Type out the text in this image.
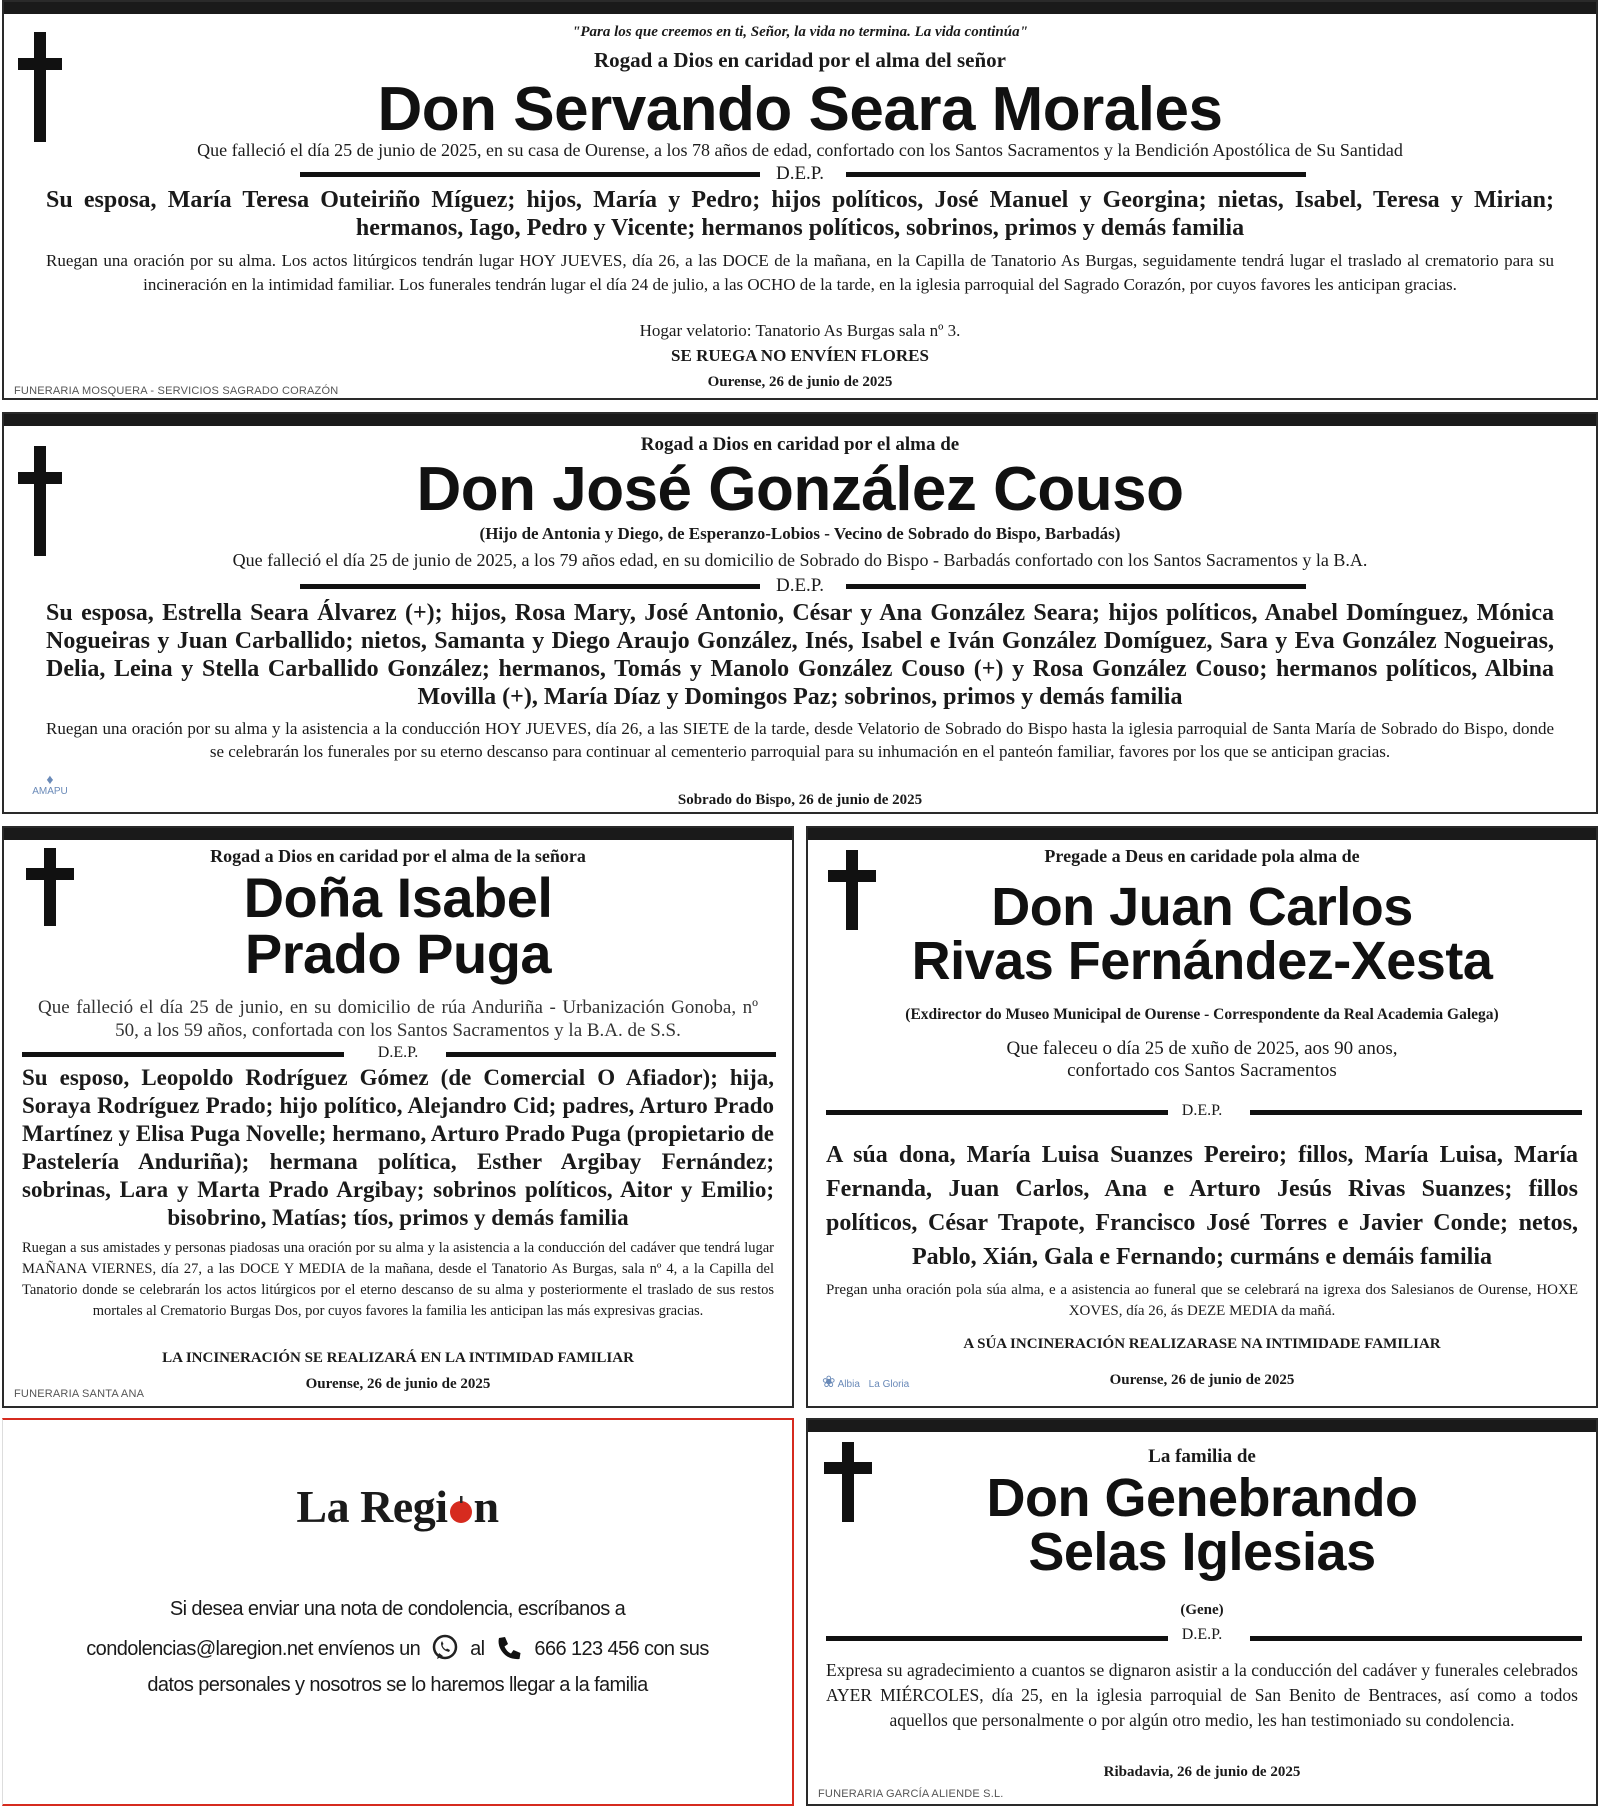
"Para los que creemos en ti, Señor, la vida no termina. La vida continúa"
Rogad a Dios en caridad por el alma del señor
Don Servando Seara Morales
Que falleció el día 25 de junio de 2025, en su casa de Ourense, a los 78 años de edad, confortado con los Santos Sacramentos y la Bendición Apostólica de Su Santidad
D.E.P.
Su esposa, María Teresa Outeiriño Míguez; hijos, María y Pedro; hijos políticos, José Manuel y Georgina; nietas, Isabel, Teresa y Mirian; hermanos, Iago, Pedro y Vicente; hermanos políticos, sobrinos, primos y demás familia
Ruegan una oración por su alma. Los actos litúrgicos tendrán lugar HOY JUEVES, día 26, a las DOCE de la mañana, en la Capilla de Tanatorio As Burgas, seguidamente tendrá lugar el traslado al crematorio para su incineración en la intimidad familiar. Los funerales tendrán lugar el día 24 de julio, a las OCHO de la tarde, en la iglesia parroquial del Sagrado Corazón, por cuyos favores les anticipan gracias.
Hogar velatorio: Tanatorio As Burgas sala nº 3.
SE RUEGA NO ENVÍEN FLORES
Ourense, 26 de junio de 2025
FUNERARIA MOSQUERA - SERVICIOS SAGRADO CORAZÓN
Rogad a Dios en caridad por el alma de
Don José González Couso
(Hijo de Antonia y Diego, de Esperanzo-Lobios - Vecino de Sobrado do Bispo, Barbadás)
Que falleció el día 25 de junio de 2025, a los 79 años edad, en su domicilio de Sobrado do Bispo - Barbadás confortado con los Santos Sacramentos y la B.A.
D.E.P.
Su esposa, Estrella Seara Álvarez (+); hijos, Rosa Mary, José Antonio, César y Ana González Seara; hijos políticos, Anabel Domínguez, Mónica Nogueiras y Juan Carballido; nietos, Samanta y Diego Araujo González, Inés, Isabel e Iván González Domíguez, Sara y Eva González Nogueiras, Delia, Leina y Stella Carballido González; hermanos, Tomás y Manolo González Couso (+) y Rosa González Couso; hermanos políticos, Albina Movilla (+), María Díaz y Domingos Paz; sobrinos, primos y demás familia
Ruegan una oración por su alma y la asistencia a la conducción HOY JUEVES, día 26, a las SIETE de la tarde, desde Velatorio de Sobrado do Bispo hasta la iglesia parroquial de Santa María de Sobrado do Bispo, donde se celebrarán los funerales por su eterno descanso para continuar al cementerio parroquial para su inhumación en el panteón familiar, favores por los que se anticipan gracias.
Sobrado do Bispo, 26 de junio de 2025
♦
AMAPU
Rogad a Dios en caridad por el alma de la señora
Doña Isabel
Prado Puga
Que falleció el día 25 de junio, en su domicilio de rúa Anduriña - Urbanización Gonoba, nº 50, a los 59 años, confortada con los Santos Sacramentos y la B.A. de S.S.
D.E.P.
Su esposo, Leopoldo Rodríguez Gómez (de Comercial O Afiador); hija, Soraya Rodríguez Prado; hijo político, Alejandro Cid; padres, Arturo Prado Martínez y Elisa Puga Novelle; hermano, Arturo Prado Puga (propietario de Pastelería Anduriña); hermana política, Esther Argibay Fernández; sobrinas, Lara y Marta Prado Argibay; sobrinos políticos, Aitor y Emilio; bisobrino, Matías; tíos, primos y demás familia
Ruegan a sus amistades y personas piadosas una oración por su alma y la asistencia a la conducción del cadáver que tendrá lugar MAÑANA VIERNES, día 27, a las DOCE Y MEDIA de la mañana, desde el Tanatorio As Burgas, sala nº 4, a la Capilla del Tanatorio donde se celebrarán los actos litúrgicos por el eterno descanso de su alma y posteriormente el traslado de sus restos mortales al Crematorio Burgas Dos, por cuyos favores la familia les anticipan las más expresivas gracias.
LA INCINERACIÓN SE REALIZARÁ EN LA INTIMIDAD FAMILIAR
Ourense, 26 de junio de 2025
FUNERARIA SANTA ANA
Pregade a Deus en caridade pola alma de
Don Juan Carlos
Rivas Fernández-Xesta
(Exdirector do Museo Municipal de Ourense - Correspondente da Real Academia Galega)
Que faleceu o día 25 de xuño de 2025, aos 90 anos,
confortado cos Santos Sacramentos
D.E.P.
A súa dona, María Luisa Suanzes Pereiro; fillos, María Luisa, María Fernanda, Juan Carlos, Ana e Arturo Jesús Rivas Suanzes; fillos políticos, César Trapote, Francisco José Torres e Javier Conde; netos, Pablo, Xián, Gala e Fernando; curmáns e demáis familia
Pregan unha oración pola súa alma, e a asistencia ao funeral que se celebrará na igrexa dos Salesianos de Ourense, HOXE XOVES, día 26, ás DEZE MEDIA da mañá.
A SÚA INCINERACIÓN REALIZARASE NA INTIMIDADE FAMILIAR
Ourense, 26 de junio de 2025
❀ Albia La Gloria
La Regi n
Si desea enviar una nota de condolencia, escríbanos a
condolencias@laregion.net envíenos un al 666 123 456 con sus
datos personales y nosotros se lo haremos llegar a la familia
La familia de
Don Genebrando
Selas Iglesias
(Gene)
D.E.P.
Expresa su agradecimiento a cuantos se dignaron asistir a la conducción del cadáver y funerales celebrados AYER MIÉRCOLES, día 25, en la iglesia parroquial de San Benito de Bentraces, así como a todos aquellos que personalmente o por algún otro medio, les han testimoniado su condolencia.
Ribadavia, 26 de junio de 2025
FUNERARIA GARCÍA ALIENDE S.L.
